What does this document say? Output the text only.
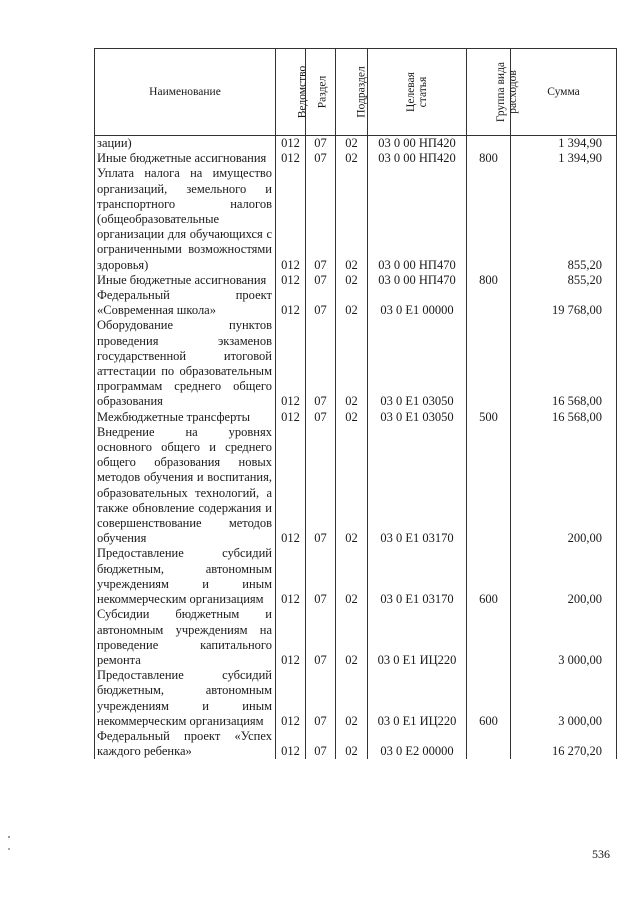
Наименование	Ведомство	Раздел	Подраздел	Целевая статья	Группа вида расходов	Сумма
зации)	012	07	02	03 0 00 НП420		1 394,90
Иные бюджетные ассигнования	012	07	02	03 0 00 НП420	800	1 394,90
Уплата налога на имущество организаций, земельного и транспортного налогов (общеобразовательные организации для обучающихся с ограниченными возможностями здоровья)	012	07	02	03 0 00 НП470		855,20
Иные бюджетные ассигнования	012	07	02	03 0 00 НП470	800	855,20
Федеральный проект «Современная школа»	012	07	02	03 0 Е1 00000		19 768,00
Оборудование пунктов проведения экзаменов государственной итоговой аттестации по образовательным программам среднего общего образования	012	07	02	03 0 Е1 03050		16 568,00
Межбюджетные трансферты	012	07	02	03 0 Е1 03050	500	16 568,00
Внедрение на уровнях основного общего и среднего общего образования новых методов обучения и воспитания, образовательных технологий, а также обновление содержания и совершенствование методов обучения	012	07	02	03 0 Е1 03170		200,00
Предоставление субсидий бюджетным, автономным учреждениям и иным некоммерческим организациям	012	07	02	03 0 Е1 03170	600	200,00
Субсидии бюджетным и автономным учреждениям на проведение капитального ремонта	012	07	02	03 0 Е1 ИЦ220		3 000,00
Предоставление субсидий бюджетным, автономным учреждениям и иным некоммерческим организациям	012	07	02	03 0 Е1 ИЦ220	600	3 000,00
Федеральный проект «Успех каждого ребенка»	012	07	02	03 0 Е2 00000		16 270,20
536
